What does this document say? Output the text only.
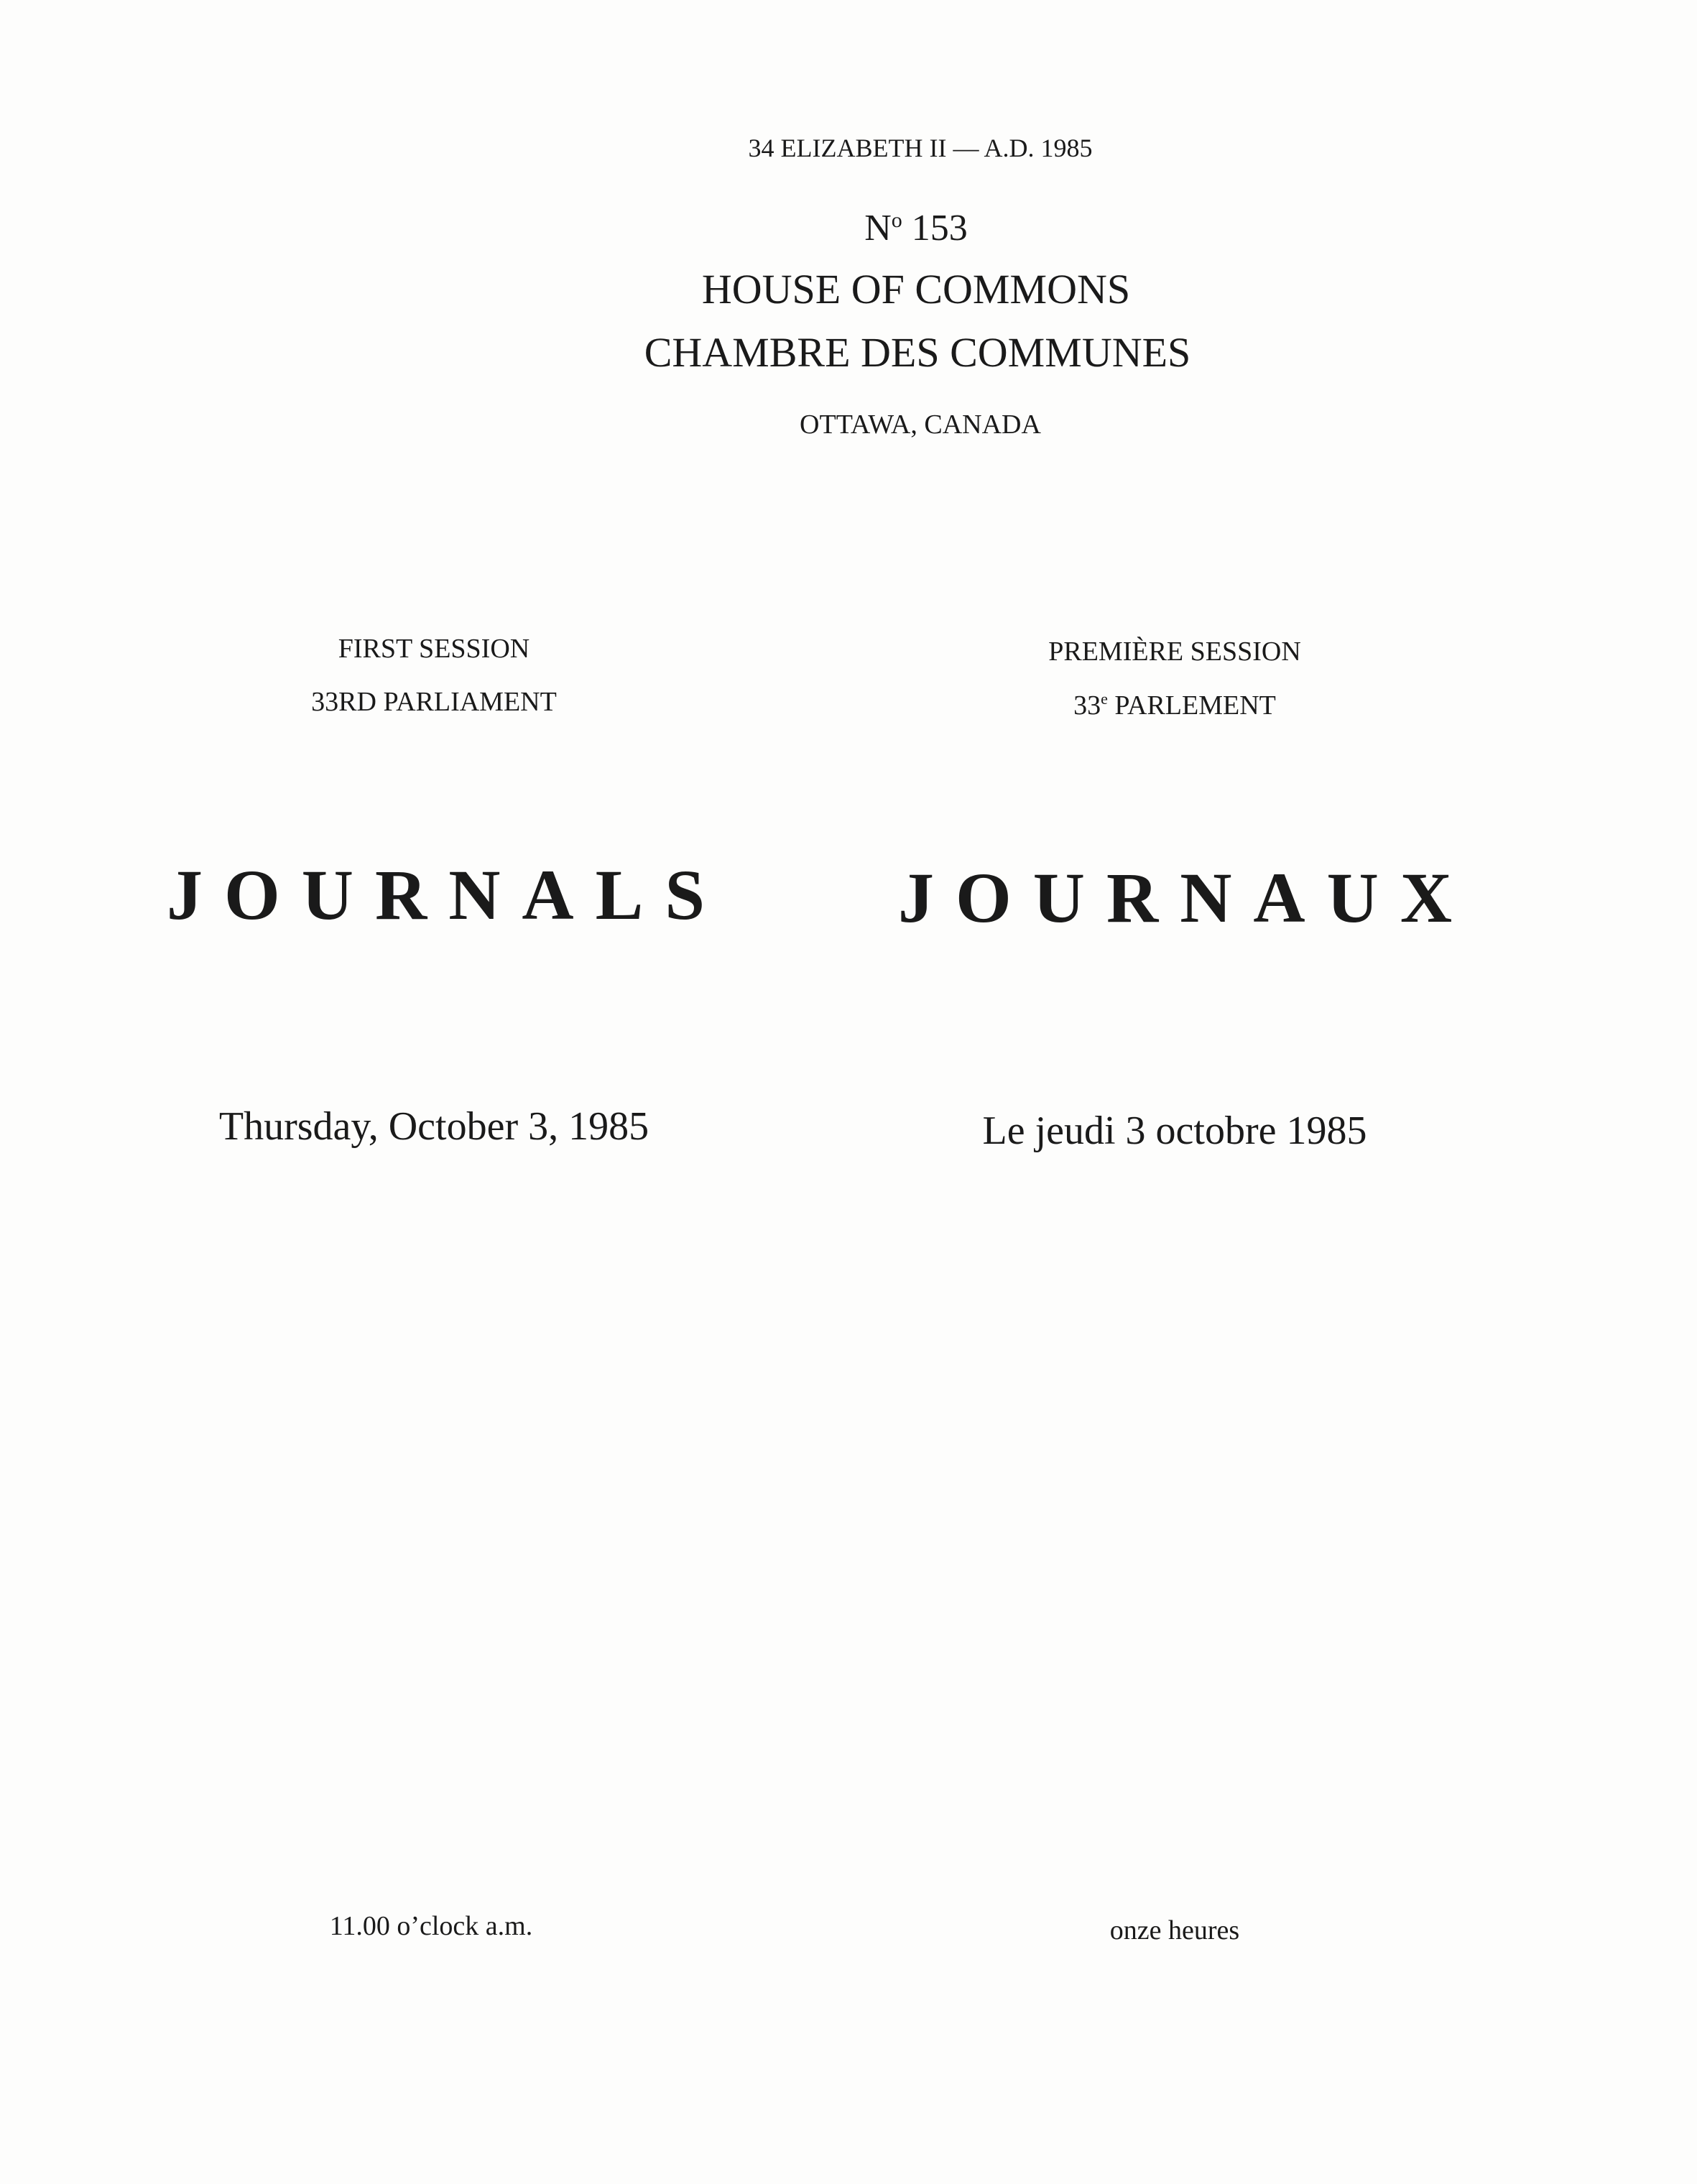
34 ELIZABETH II — A.D. 1985
$N^o$ 153
HOUSE OF COMMONS
CHAMBRE DES COMMUNES
OTTAWA, CANADA
FIRST SESSION
33RD PARLIAMENT
PREMIÈRE SESSION
33e PARLEMENT
JOURNALS JOURNAUX
Thursday, October 3, 1985	Le jeudi 3 octobre 1985
11.00 o’clock a.m.	onze heures
